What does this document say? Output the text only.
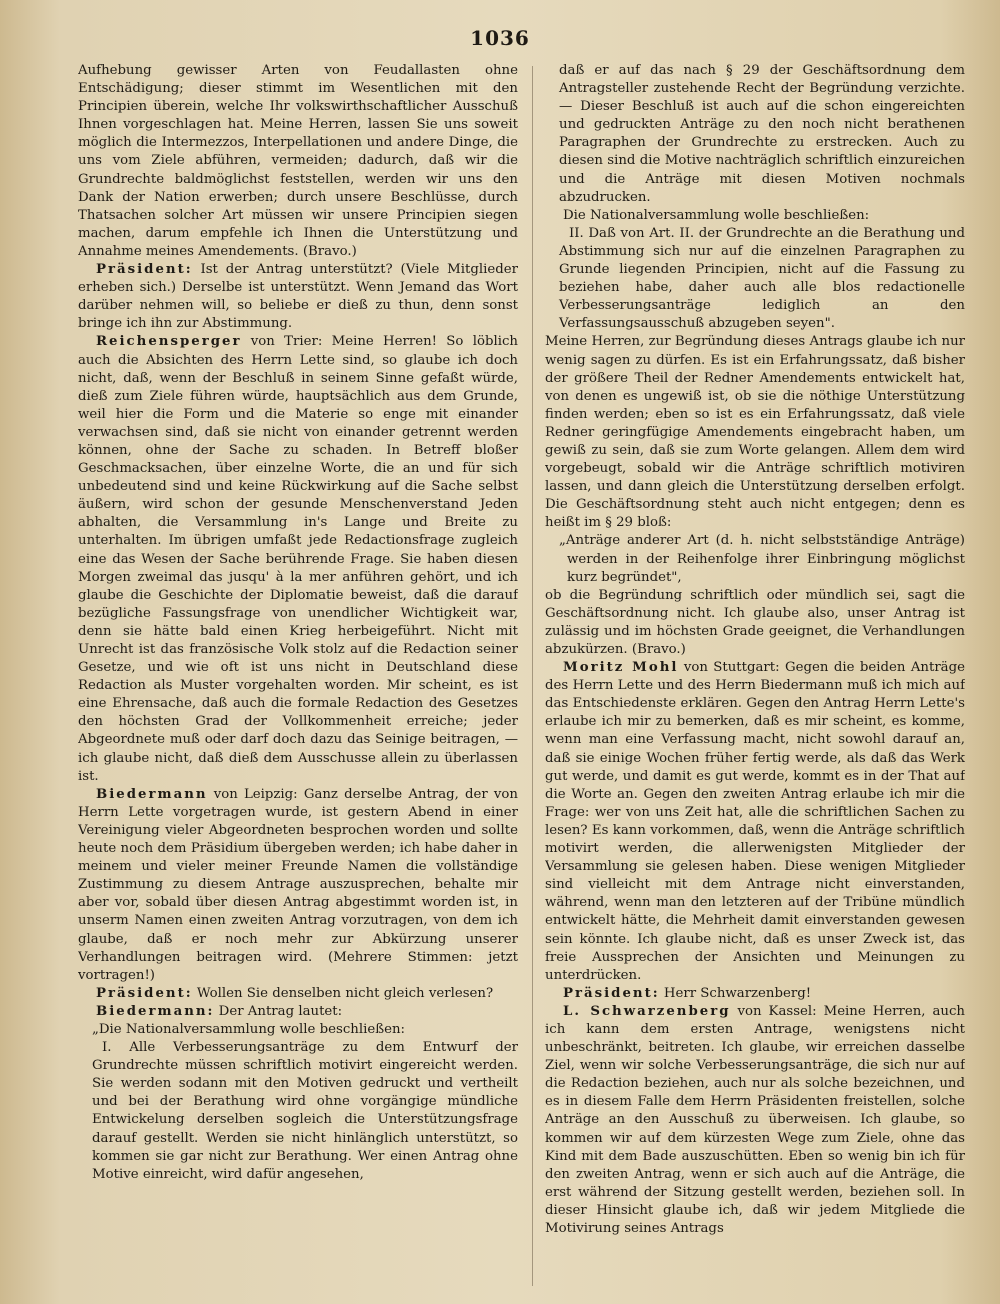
1036

Aufhebung gewisser Arten von Feudallasten ohne Entschädigung; dieser stimmt im Wesentlichen mit den Principien überein, welche Ihr volkswirthschaftlicher Ausschuß Ihnen vorgeschlagen hat. Meine Herren, lassen Sie uns soweit möglich die Intermezzos, Interpellationen und andere Dinge, die uns vom Ziele abführen, vermeiden; dadurch, daß wir die Grundrechte baldmöglichst feststellen, werden wir uns den Dank der Nation erwerben; durch unsere Beschlüsse, durch Thatsachen solcher Art müssen wir unsere Principien siegen machen, darum empfehle ich Ihnen die Unterstützung und Annahme meines Amendements. (Bravo.)

Präsident: Ist der Antrag unterstützt? (Viele Mitglieder erheben sich.) Derselbe ist unterstützt. Wenn Jemand das Wort darüber nehmen will, so beliebe er dieß zu thun, denn sonst bringe ich ihn zur Abstimmung.

Reichensperger von Trier: Meine Herren! So löblich auch die Absichten des Herrn Lette sind, so glaube ich doch nicht, daß, wenn der Beschluß in seinem Sinne gefaßt würde, dieß zum Ziele führen würde, hauptsächlich aus dem Grunde, weil hier die Form und die Materie so enge mit einander verwachsen sind, daß sie nicht von einander getrennt werden können, ohne der Sache zu schaden. In Betreff bloßer Geschmacksachen, über einzelne Worte, die an und für sich unbedeutend sind und keine Rückwirkung auf die Sache selbst äußern, wird schon der gesunde Menschenverstand Jeden abhalten, die Versammlung in's Lange und Breite zu unterhalten. Im übrigen umfaßt jede Redactionsfrage zugleich eine das Wesen der Sache berührende Frage. Sie haben diesen Morgen zweimal das jusqu' à la mer anführen gehört, und ich glaube die Geschichte der Diplomatie beweist, daß die darauf bezügliche Fassungsfrage von unendlicher Wichtigkeit war, denn sie hätte bald einen Krieg herbeigeführt. Nicht mit Unrecht ist das französische Volk stolz auf die Redaction seiner Gesetze, und wie oft ist uns nicht in Deutschland diese Redaction als Muster vorgehalten worden. Mir scheint, es ist eine Ehrensache, daß auch die formale Redaction des Gesetzes den höchsten Grad der Vollkommenheit erreiche; jeder Abgeordnete muß oder darf doch dazu das Seinige beitragen, — ich glaube nicht, daß dieß dem Ausschusse allein zu überlassen ist.

Biedermann von Leipzig: Ganz derselbe Antrag, der von Herrn Lette vorgetragen wurde, ist gestern Abend in einer Vereinigung vieler Abgeordneten besprochen worden und sollte heute noch dem Präsidium übergeben werden; ich habe daher in meinem und vieler meiner Freunde Namen die vollständige Zustimmung zu diesem Antrage auszusprechen, behalte mir aber vor, sobald über diesen Antrag abgestimmt worden ist, in unserm Namen einen zweiten Antrag vorzutragen, von dem ich glaube, daß er noch mehr zur Abkürzung unserer Verhandlungen beitragen wird. (Mehrere Stimmen: jetzt vortragen!)

Präsident: Wollen Sie denselben nicht gleich verlesen?

Biedermann: Der Antrag lautet:

„Die Nationalversammlung wolle beschließen:

I. Alle Verbesserungsanträge zu dem Entwurf der Grundrechte müssen schriftlich motivirt eingereicht werden. Sie werden sodann mit den Motiven gedruckt und vertheilt und bei der Berathung wird ohne vorgängige mündliche Entwickelung derselben sogleich die Unterstützungsfrage darauf gestellt. Werden sie nicht hinlänglich unterstützt, so kommen sie gar nicht zur Berathung. Wer einen Antrag ohne Motive einreicht, wird dafür angesehen,

daß er auf das nach § 29 der Geschäftsordnung dem Antragsteller zustehende Recht der Begründung verzichte. — Dieser Beschluß ist auch auf die schon eingereichten und gedruckten Anträge zu den noch nicht berathenen Paragraphen der Grundrechte zu erstrecken. Auch zu diesen sind die Motive nachträglich schriftlich einzureichen und die Anträge mit diesen Motiven nochmals abzudrucken.

Die Nationalversammlung wolle beschließen:

II. Daß von Art. II. der Grundrechte an die Berathung und Abstimmung sich nur auf die einzelnen Paragraphen zu Grunde liegenden Principien, nicht auf die Fassung zu beziehen habe, daher auch alle blos redactionelle Verbesserungsanträge lediglich an den Verfassungsausschuß abzugeben seyen".

Meine Herren, zur Begründung dieses Antrags glaube ich nur wenig sagen zu dürfen. Es ist ein Erfahrungssatz, daß bisher der größere Theil der Redner Amendements entwickelt hat, von denen es ungewiß ist, ob sie die nöthige Unterstützung finden werden; eben so ist es ein Erfahrungssatz, daß viele Redner geringfügige Amendements eingebracht haben, um gewiß zu sein, daß sie zum Worte gelangen. Allem dem wird vorgebeugt, sobald wir die Anträge schriftlich motiviren lassen, und dann gleich die Unterstützung derselben erfolgt. Die Geschäftsordnung steht auch nicht entgegen; denn es heißt im § 29 bloß:

„Anträge anderer Art (d. h. nicht selbstständige Anträge) werden in der Reihenfolge ihrer Einbringung möglichst kurz begründet",

ob die Begründung schriftlich oder mündlich sei, sagt die Geschäftsordnung nicht. Ich glaube also, unser Antrag ist zulässig und im höchsten Grade geeignet, die Verhandlungen abzukürzen. (Bravo.)

Moritz Mohl von Stuttgart: Gegen die beiden Anträge des Herrn Lette und des Herrn Biedermann muß ich mich auf das Entschiedenste erklären. Gegen den Antrag Herrn Lette's erlaube ich mir zu bemerken, daß es mir scheint, es komme, wenn man eine Verfassung macht, nicht sowohl darauf an, daß sie einige Wochen früher fertig werde, als daß das Werk gut werde, und damit es gut werde, kommt es in der That auf die Worte an. Gegen den zweiten Antrag erlaube ich mir die Frage: wer von uns Zeit hat, alle die schriftlichen Sachen zu lesen? Es kann vorkommen, daß, wenn die Anträge schriftlich motivirt werden, die allerwenigsten Mitglieder der Versammlung sie gelesen haben. Diese wenigen Mitglieder sind vielleicht mit dem Antrage nicht einverstanden, während, wenn man den letzteren auf der Tribüne mündlich entwickelt hätte, die Mehrheit damit einverstanden gewesen sein könnte. Ich glaube nicht, daß es unser Zweck ist, das freie Aussprechen der Ansichten und Meinungen zu unterdrücken.

Präsident: Herr Schwarzenberg!

L. Schwarzenberg von Kassel: Meine Herren, auch ich kann dem ersten Antrage, wenigstens nicht unbeschränkt, beitreten. Ich glaube, wir erreichen dasselbe Ziel, wenn wir solche Verbesserungsanträge, die sich nur auf die Redaction beziehen, auch nur als solche bezeichnen, und es in diesem Falle dem Herrn Präsidenten freistellen, solche Anträge an den Ausschuß zu überweisen. Ich glaube, so kommen wir auf dem kürzesten Wege zum Ziele, ohne das Kind mit dem Bade auszuschütten. Eben so wenig bin ich für den zweiten Antrag, wenn er sich auch auf die Anträge, die erst während der Sitzung gestellt werden, beziehen soll. In dieser Hinsicht glaube ich, daß wir jedem Mitgliede die Motivirung seines Antrags
